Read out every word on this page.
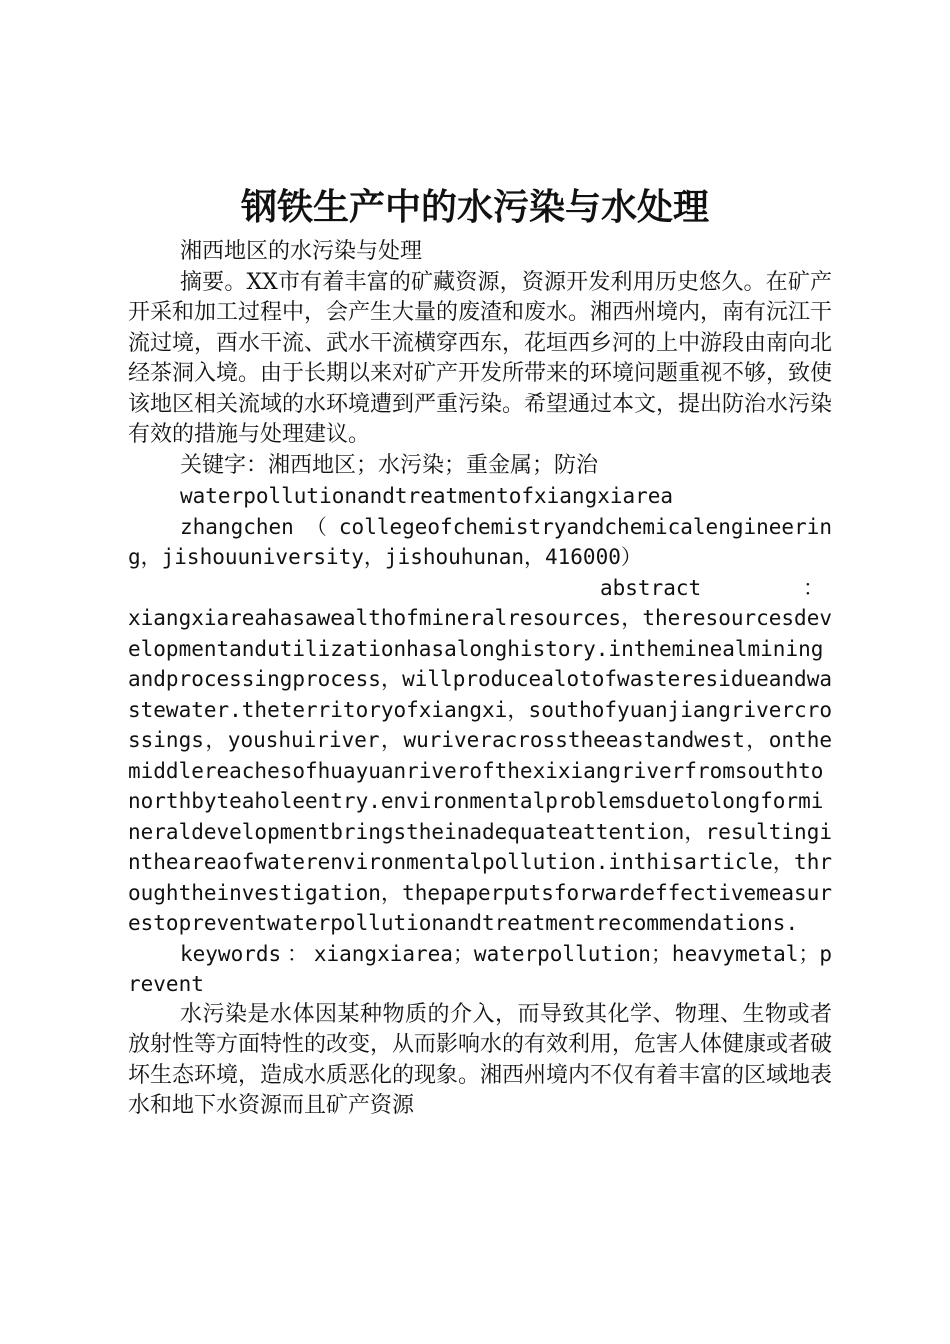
钢铁生产中的水污染与水处理

湘西地区的水污染与处理

摘要。XX市有着丰富的矿藏资源，资源开发利用历史悠久。在矿产开采和加工过程中，会产生大量的废渣和废水。湘西州境内，南有沅江干流过境，酉水干流、武水干流横穿西东，花垣西乡河的上中游段由南向北经茶洞入境。由于长期以来对矿产开发所带来的环境问题重视不够，致使该地区相关流域的水环境遭到严重污染。希望通过本文，提出防治水污染有效的措施与处理建议。

关键字：湘西地区；水污染；重金属；防治

waterpollutionandtreatmentofxiangxiarea

zhangchen（collegeofchemistryandchemicalengineering，jishouuniversity，jishouhunan，416000）

abstract	：

xiangxiareahasawealthofmineralresources，theresourcesdevelopmentandutilizationhasalonghistory.intheminealminingandprocessingprocess，willproducealotofwasteresidueandwastewater.theterritoryofxiangxi，southofyuanjiangrivercrossings，youshuiriver，wuriveracrosstheeastandwest，onthemiddlereachesofhuayuanriverofthexixiangriverfromsouthtonorthbyteaholeentry.environmentalproblemsduetolongformineraldevelopmentbringstheinadequateattention，resultingintheareaofwaterenvironmentalpollution.inthisarticle，throughtheinvestigation，thepaperputsforwardeffectivemeasurestopreventwaterpollutionandtreatmentrecommendations.

keywords：xiangxiarea；waterpollution；heavymetal；prevent

水污染是水体因某种物质的介入，而导致其化学、物理、生物或者放射性等方面特性的改变，从而影响水的有效利用，危害人体健康或者破坏生态环境，造成水质恶化的现象。湘西州境内不仅有着丰富的区域地表水和地下水资源而且矿产资源
